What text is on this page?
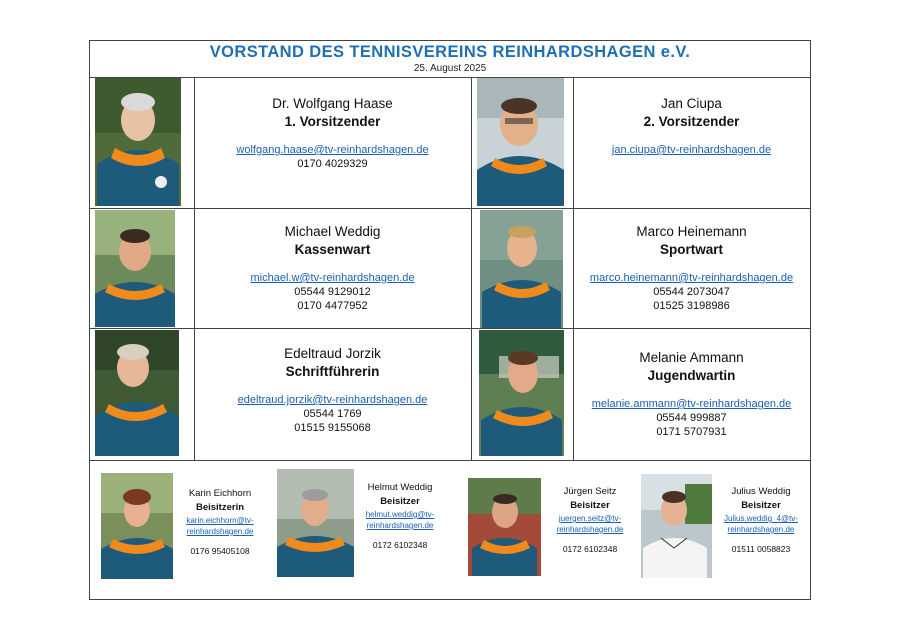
VORSTAND DES TENNISVEREINS REINHARDSHAGEN e.V.
25. August 2025
Dr. Wolfgang Haase
1. Vorsitzender
wolfgang.haase@tv-reinhardshagen.de
0170 4029329
Jan Ciupa
2. Vorsitzender
jan.ciupa@tv-reinhardshagen.de
Michael Weddig
Kassenwart
michael.w@tv-reinhardshagen.de
05544 9129012
0170 4477952
Marco Heinemann
Sportwart
marco.heinemann@tv-reinhardshagen.de
05544 2073047
01525 3198986
Edeltraud Jorzik
Schriftführerin
edeltraud.jorzik@tv-reinhardshagen.de
05544 1769
01515 9155068
Melanie Ammann
Jugendwartin
melanie.ammann@tv-reinhardshagen.de
05544 999887
0171 5707931
Karin Eichhorn
Beisitzerin
karin.eichhorn@tv-
reinhardshagen.de
0176 95405108
Helmut Weddig
Beisitzer
helmut.weddig@tv-
reinhardshagen.de
0172 6102348
Jürgen Seitz
Beisitzer
juergen.seitz@tv-
reinhardshagen.de
0172 6102348
Julius Weddig
Beisitzer
Julius.weddig_4@tv-
reinhardshagen.de
01511 0058823
